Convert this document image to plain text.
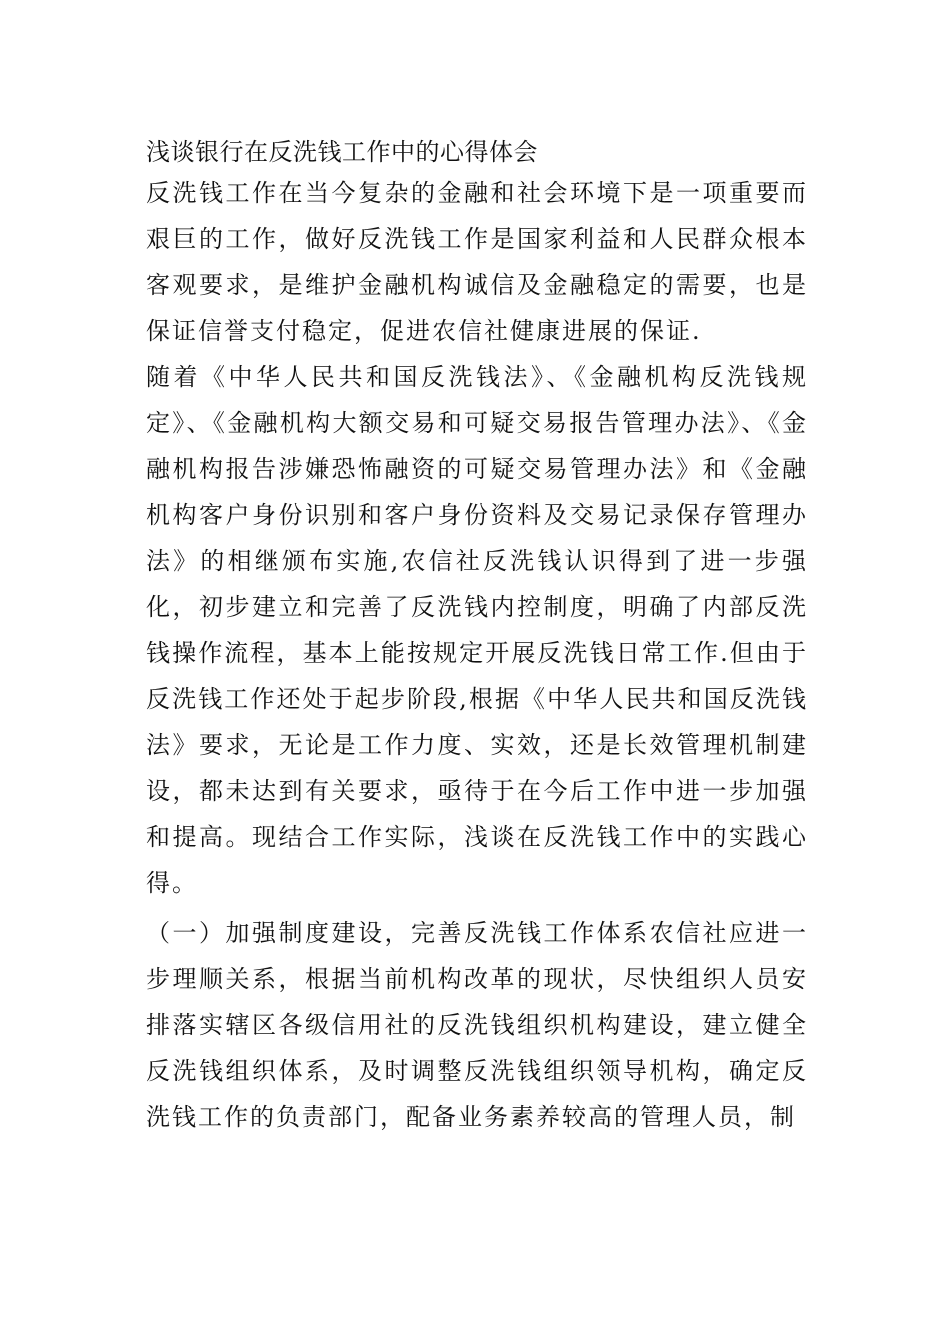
浅谈银行在反洗钱工作中的心得体会

反洗钱工作在当今复杂的金融和社会环境下是一项重要而艰巨的工作，做好反洗钱工作是国家利益和人民群众根本客观要求，是维护金融机构诚信及金融稳定的需要，也是保证信誉支付稳定，促进农信社健康进展的保证.

随着《中华人民共和国反洗钱法》、《金融机构反洗钱规定》、《金融机构大额交易和可疑交易报告管理办法》、《金融机构报告涉嫌恐怖融资的可疑交易管理办法》和《金融机构客户身份识别和客户身份资料及交易记录保存管理办法》的相继颁布实施,农信社反洗钱认识得到了进一步强化，初步建立和完善了反洗钱内控制度，明确了内部反洗钱操作流程，基本上能按规定开展反洗钱日常工作.但由于反洗钱工作还处于起步阶段,根据《中华人民共和国反洗钱法》要求，无论是工作力度、实效，还是长效管理机制建设，都未达到有关要求，亟待于在今后工作中进一步加强和提高。现结合工作实际，浅谈在反洗钱工作中的实践心得。

（一）加强制度建设，完善反洗钱工作体系农信社应进一步理顺关系，根据当前机构改革的现状，尽快组织人员安排落实辖区各级信用社的反洗钱组织机构建设，建立健全反洗钱组织体系，及时调整反洗钱组织领导机构，确定反洗钱工作的负责部门，配备业务素养较高的管理人员，制
